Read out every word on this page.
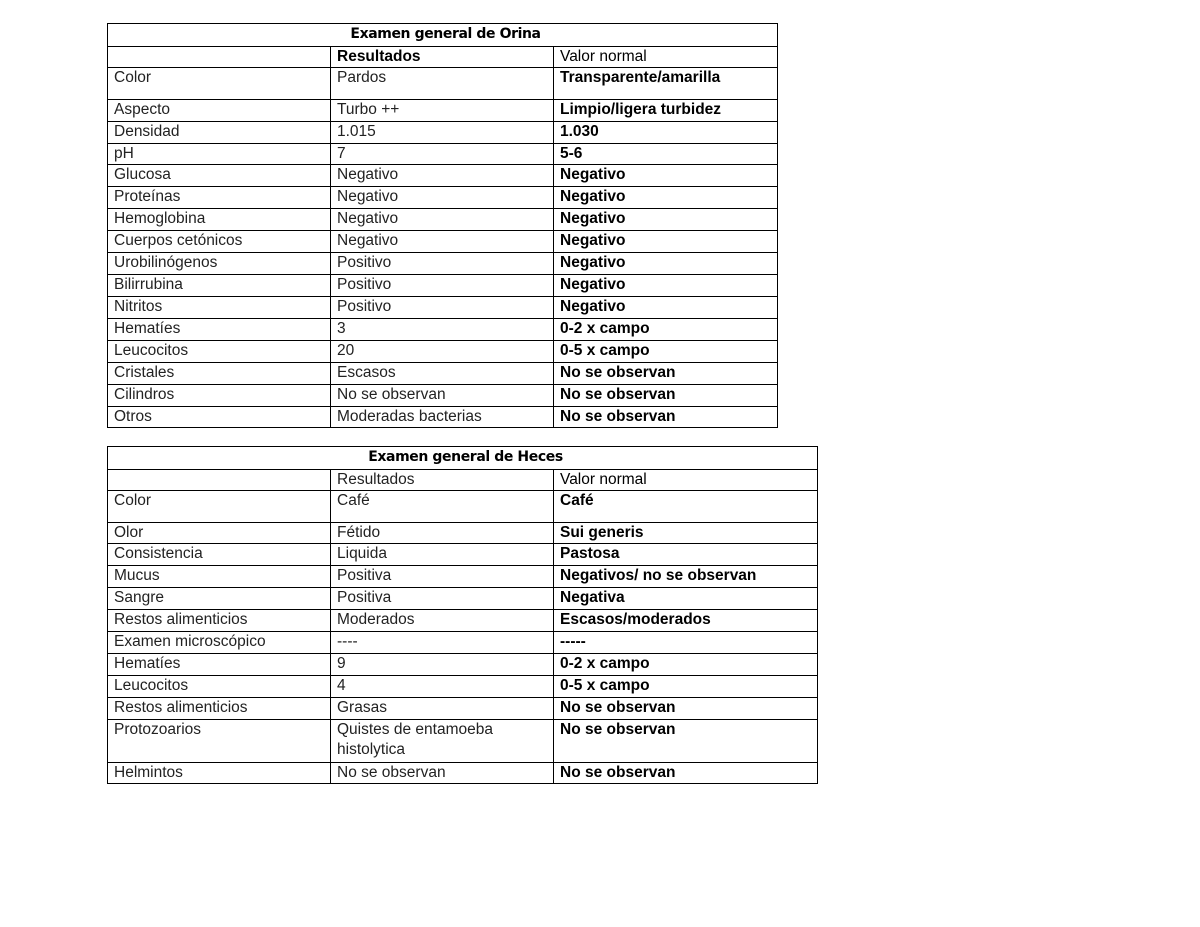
Examen general de Orina		
	Resultados	Valor normal
Color	Pardos	Transparente/amarilla
Aspecto	Turbo ++	Limpio/ligera turbidez
Densidad	1.015	1.030
pH	7	5-6
Glucosa	Negativo	Negativo
Proteínas	Negativo	Negativo
Hemoglobina	Negativo	Negativo
Cuerpos cetónicos	Negativo	Negativo
Urobilinógenos	Positivo	Negativo
Bilirrubina	Positivo	Negativo
Nitritos	Positivo	Negativo
Hematíes	3	0-2 x campo
Leucocitos	20	0-5 x campo
Cristales	Escasos	No se observan
Cilindros	No se observan	No se observan
Otros	Moderadas bacterias	No se observan
Examen general de Heces		
	Resultados	Valor normal
Color	Café	Café
Olor	Fétido	Sui generis
Consistencia	Liquida	Pastosa
Mucus	Positiva	Negativos/ no se observan
Sangre	Positiva	Negativa
Restos alimenticios	Moderados	Escasos/moderados
Examen microscópico	----	-----
Hematíes	9	0-2 x campo
Leucocitos	4	0-5 x campo
Restos alimenticios	Grasas	No se observan
Protozoarios	Quistes de entamoeba histolytica	No se observan
Helmintos	No se observan	No se observan
